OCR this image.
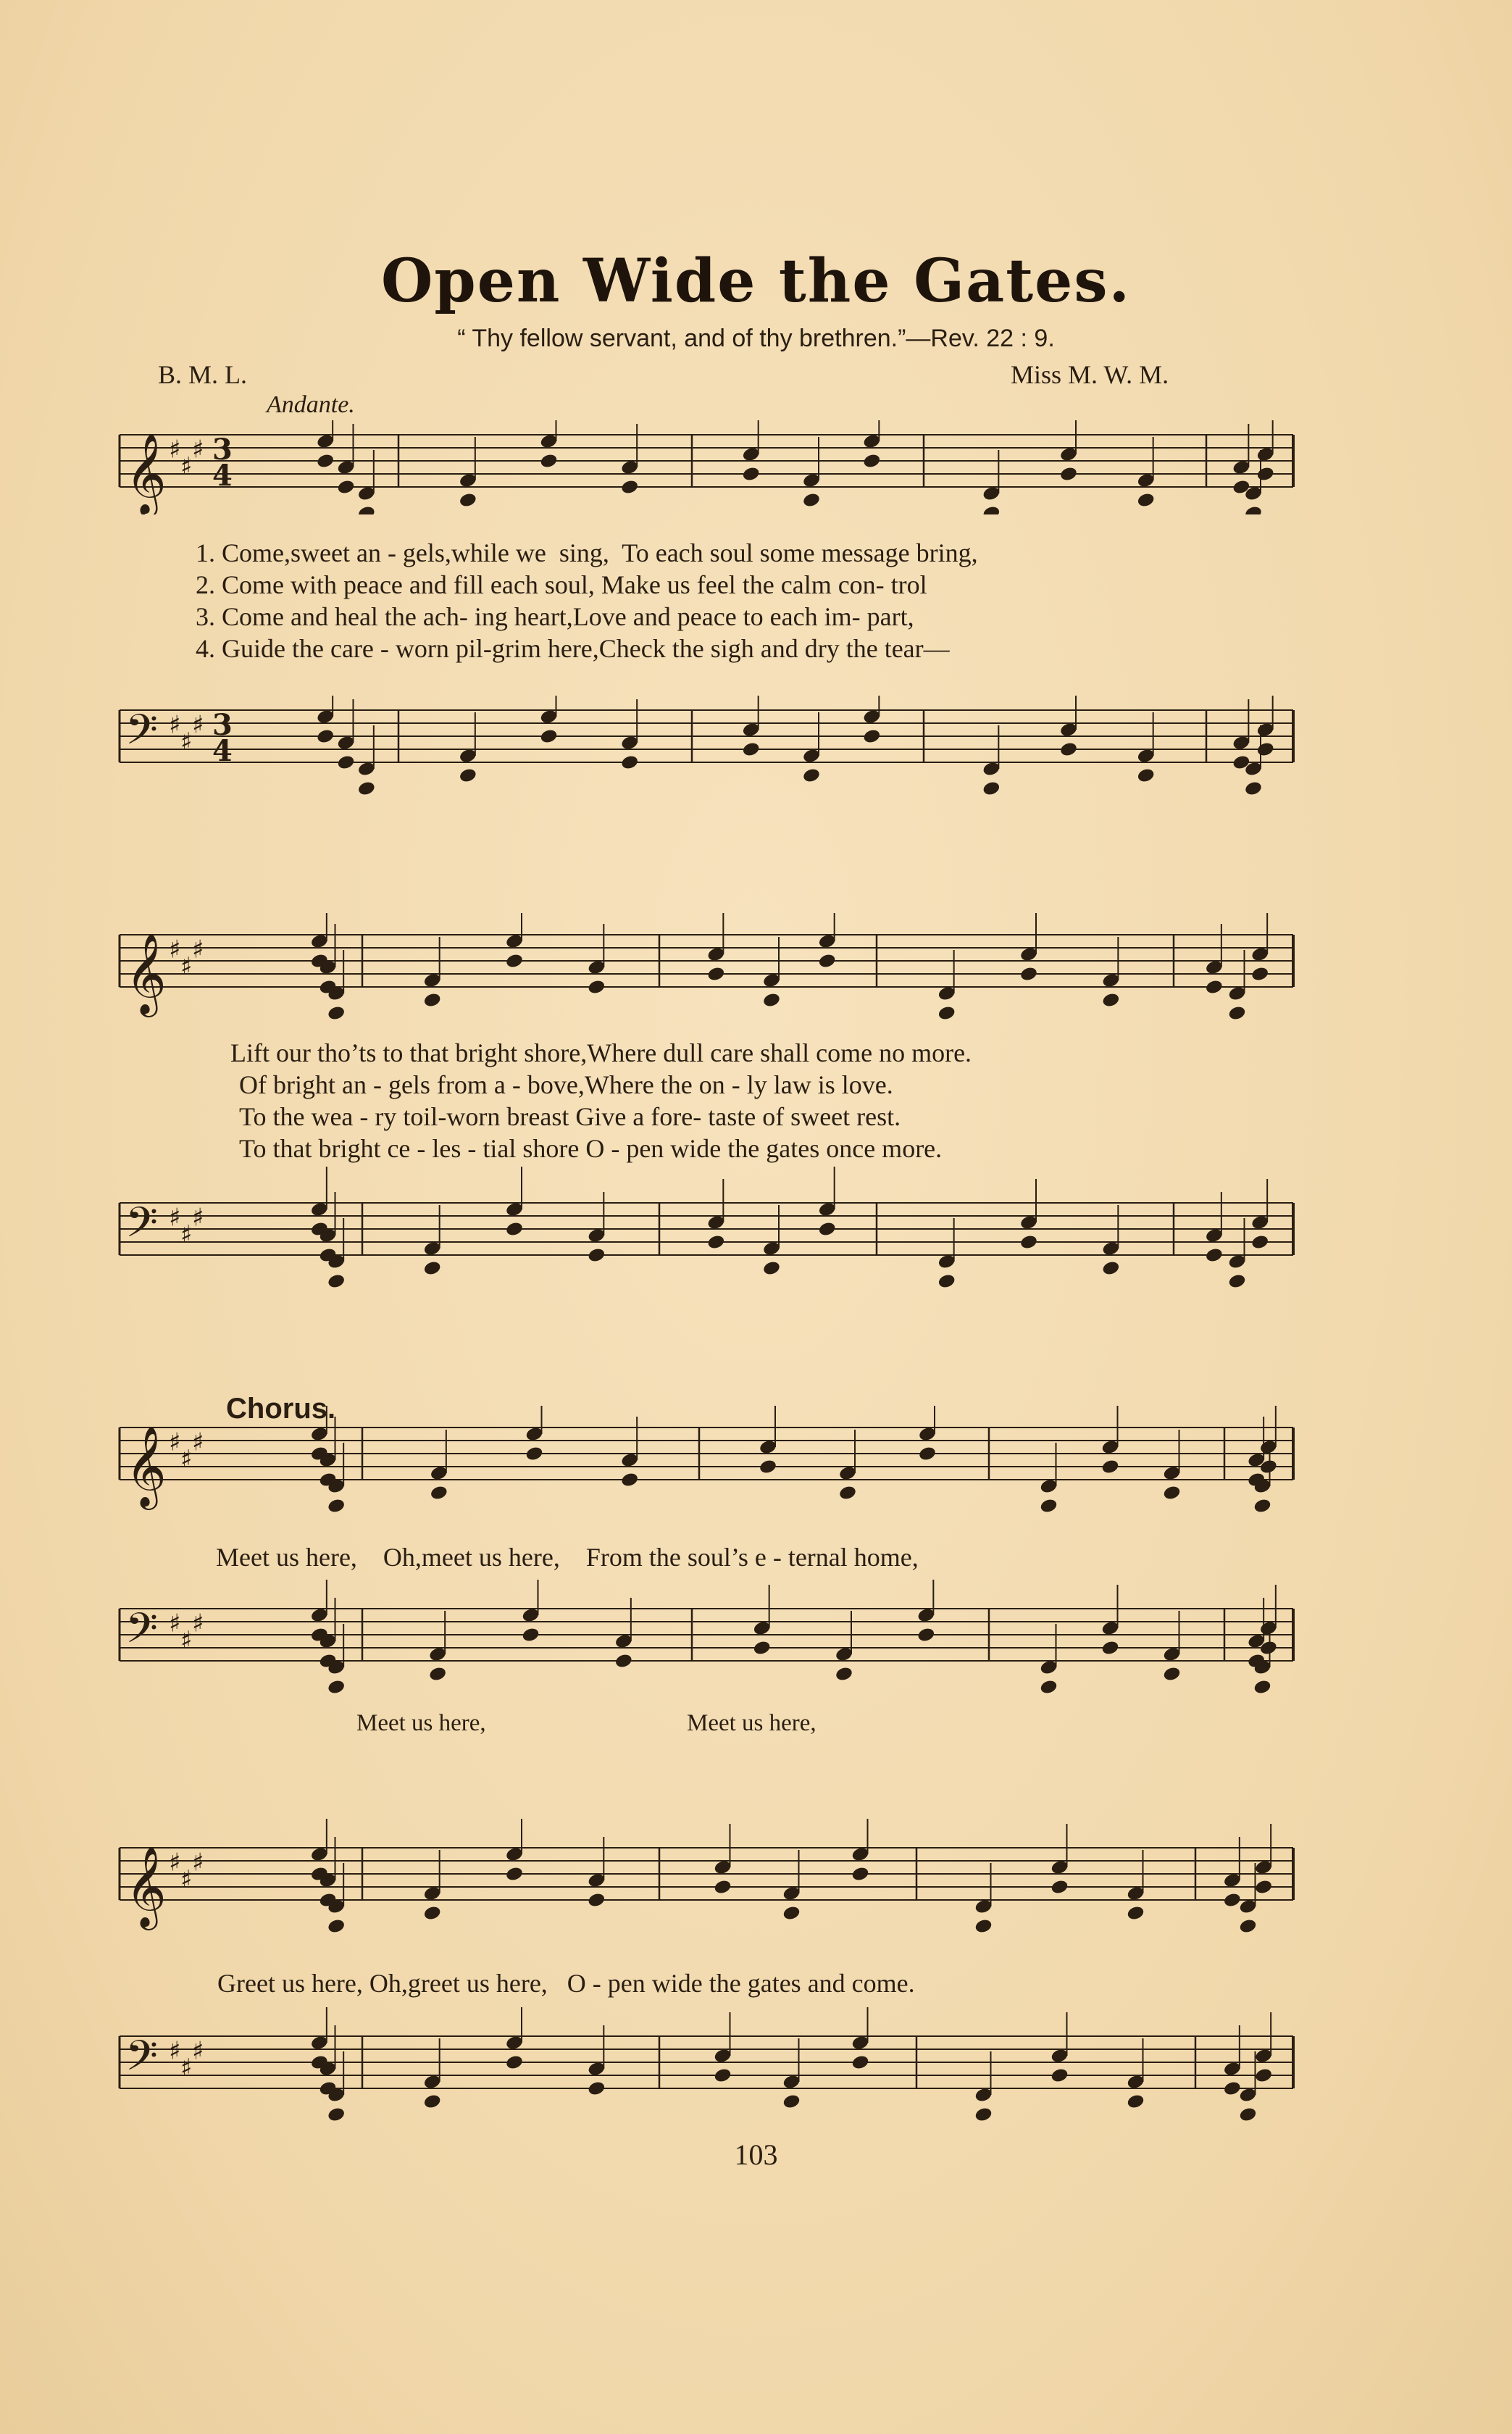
Open Wide the Gates.
“ Thy fellow servant, and of thy brethren.”—Rev. 22 : 9.
B. M. L.	Miss M. W. M.
Andante.
𝄞 ♯
♯
♯ 3
4
1. Come,sweet an - gels,while we  sing,  To each soul some message bring,
2. Come with peace and fill each soul, Make us feel the calm con- trol
3. Come and heal the ach- ing heart,Love and peace to each im- part,
4. Guide the care - worn pil-grim here,Check the sigh and dry the tear—
𝄢 ♯
♯
♯ 3
4
𝄞 ♯
♯
♯
Lift our tho’ts to that bright shore,Where dull care shall come no more.
Of bright an - gels from a - bove,Where the on - ly law is love.
To the wea - ry toil-worn breast Give a fore- taste of sweet rest.
To that bright ce - les - tial shore O - pen wide the gates once more.
𝄢 ♯
♯
♯
Chorus.
𝄞 ♯
♯
♯
Meet us here,    Oh,meet us here,    From the soul’s e - ternal home,
𝄢 ♯
♯
♯
Meet us here,	Meet us here,
𝄞 ♯
♯
♯
Greet us here, Oh,greet us here,   O - pen wide the gates and come.
𝄢 ♯
♯
♯
103
